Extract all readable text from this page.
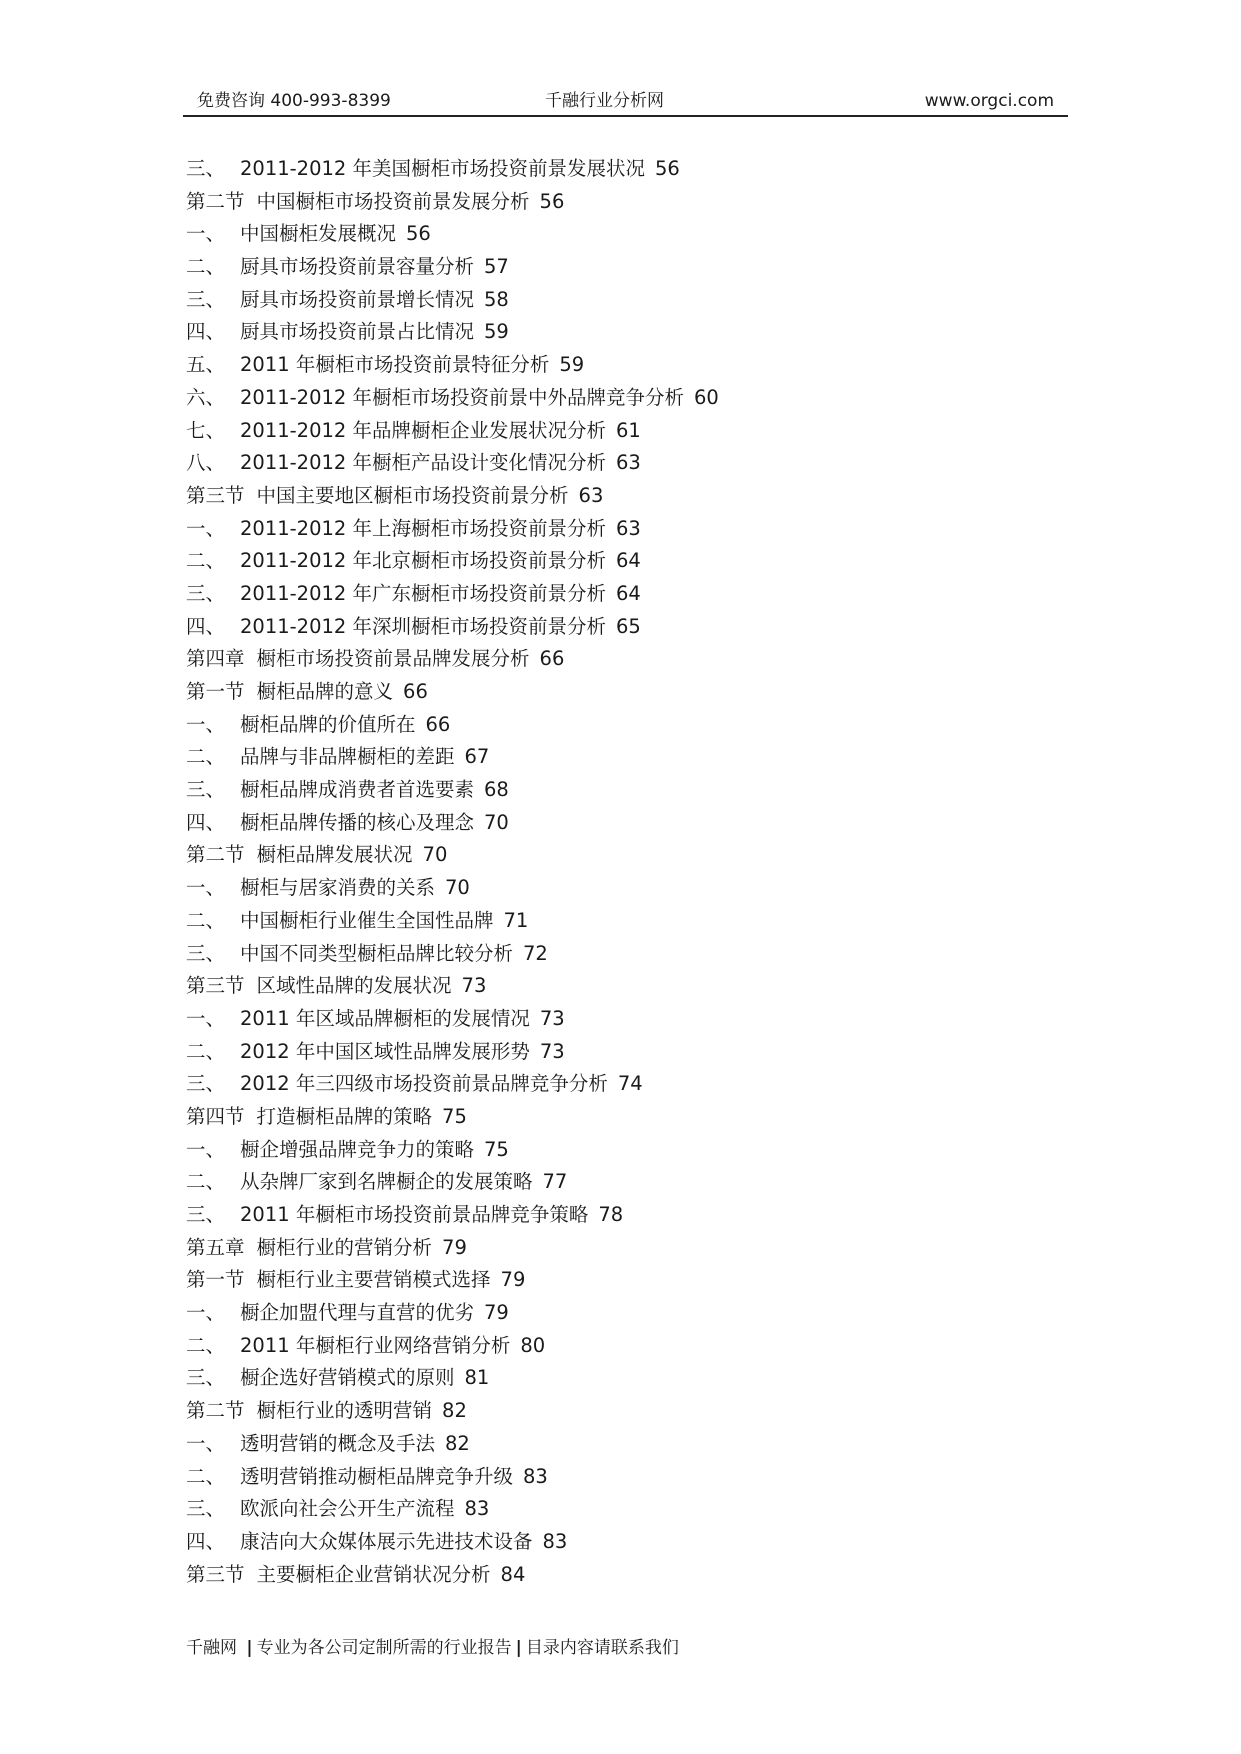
免费咨询 400-993-8399	千融行业分析网	www.orgci.com
三、 2011-2012 年美国橱柜市场投资前景发展状况 56
第二节 中国橱柜市场投资前景发展分析 56
一、 中国橱柜发展概况 56
二、 厨具市场投资前景容量分析 57
三、 厨具市场投资前景增长情况 58
四、 厨具市场投资前景占比情况 59
五、 2011 年橱柜市场投资前景特征分析 59
六、 2011-2012 年橱柜市场投资前景中外品牌竞争分析 60
七、 2011-2012 年品牌橱柜企业发展状况分析 61
八、 2011-2012 年橱柜产品设计变化情况分析 63
第三节 中国主要地区橱柜市场投资前景分析 63
一、 2011-2012 年上海橱柜市场投资前景分析 63
二、 2011-2012 年北京橱柜市场投资前景分析 64
三、 2011-2012 年广东橱柜市场投资前景分析 64
四、 2011-2012 年深圳橱柜市场投资前景分析 65
第四章 橱柜市场投资前景品牌发展分析 66
第一节 橱柜品牌的意义 66
一、 橱柜品牌的价值所在 66
二、 品牌与非品牌橱柜的差距 67
三、 橱柜品牌成消费者首选要素 68
四、 橱柜品牌传播的核心及理念 70
第二节 橱柜品牌发展状况 70
一、 橱柜与居家消费的关系 70
二、 中国橱柜行业催生全国性品牌 71
三、 中国不同类型橱柜品牌比较分析 72
第三节 区域性品牌的发展状况 73
一、 2011 年区域品牌橱柜的发展情况 73
二、 2012 年中国区域性品牌发展形势 73
三、 2012 年三四级市场投资前景品牌竞争分析 74
第四节 打造橱柜品牌的策略 75
一、 橱企增强品牌竞争力的策略 75
二、 从杂牌厂家到名牌橱企的发展策略 77
三、 2011 年橱柜市场投资前景品牌竞争策略 78
第五章 橱柜行业的营销分析 79
第一节 橱柜行业主要营销模式选择 79
一、 橱企加盟代理与直营的优劣 79
二、 2011 年橱柜行业网络营销分析 80
三、 橱企选好营销模式的原则 81
第二节 橱柜行业的透明营销 82
一、 透明营销的概念及手法 82
二、 透明营销推动橱柜品牌竞争升级 83
三、 欧派向社会公开生产流程 83
四、 康洁向大众媒体展示先进技术设备 83
第三节 主要橱柜企业营销状况分析 84
千融网 | 专业为各公司定制所需的行业报告 | 目录内容请联系我们
